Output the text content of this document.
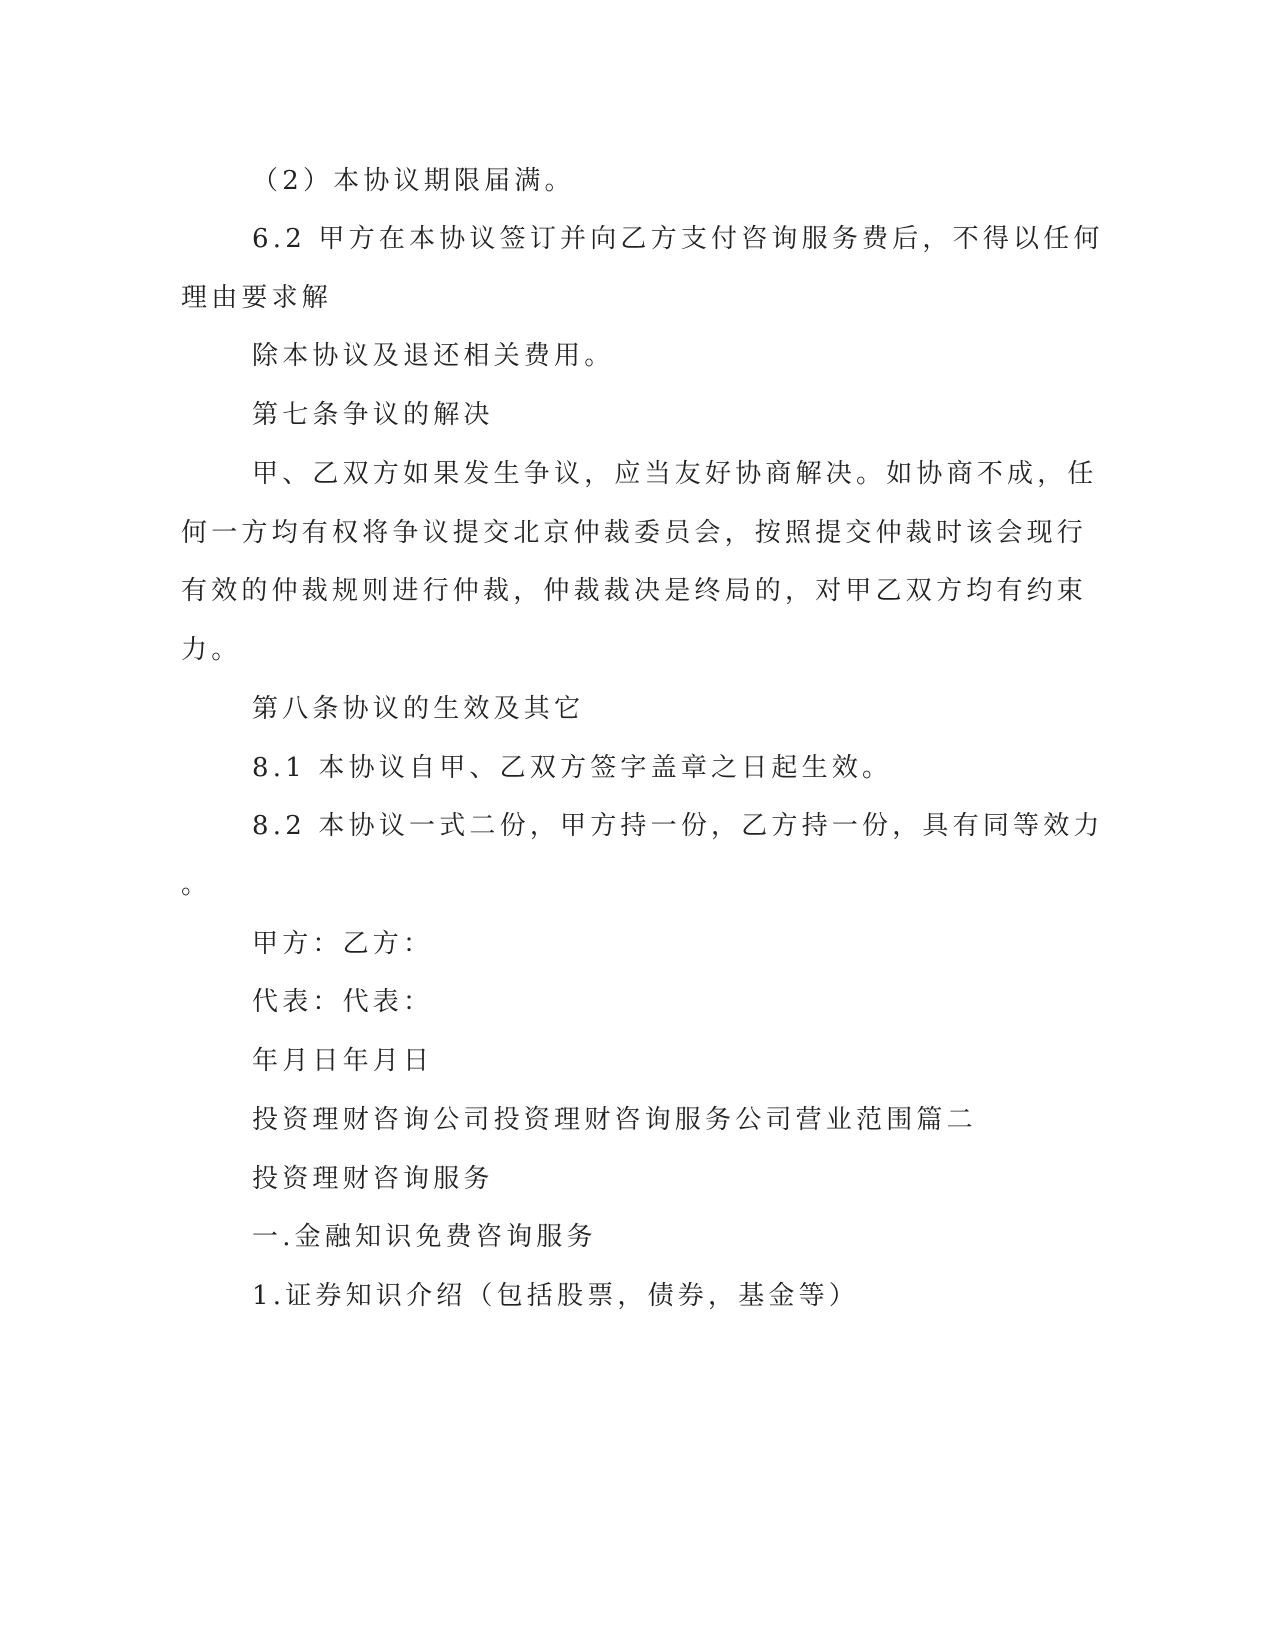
（2）本协议期限届满。
6.2 甲方在本协议签订并向乙方支付咨询服务费后，不得以任何
理由要求解
除本协议及退还相关费用。
第七条争议的解决
甲、乙双方如果发生争议，应当友好协商解决。如协商不成，任
何一方均有权将争议提交北京仲裁委员会，按照提交仲裁时该会现行
有效的仲裁规则进行仲裁，仲裁裁决是终局的，对甲乙双方均有约束
力。
第八条协议的生效及其它
8.1 本协议自甲、乙双方签字盖章之日起生效。
8.2 本协议一式二份，甲方持一份，乙方持一份，具有同等效力
。
甲方：乙方：
代表：代表：
年月日年月日
投资理财咨询公司投资理财咨询服务公司营业范围篇二
投资理财咨询服务
一.金融知识免费咨询服务
1.证券知识介绍（包括股票，债券，基金等）
